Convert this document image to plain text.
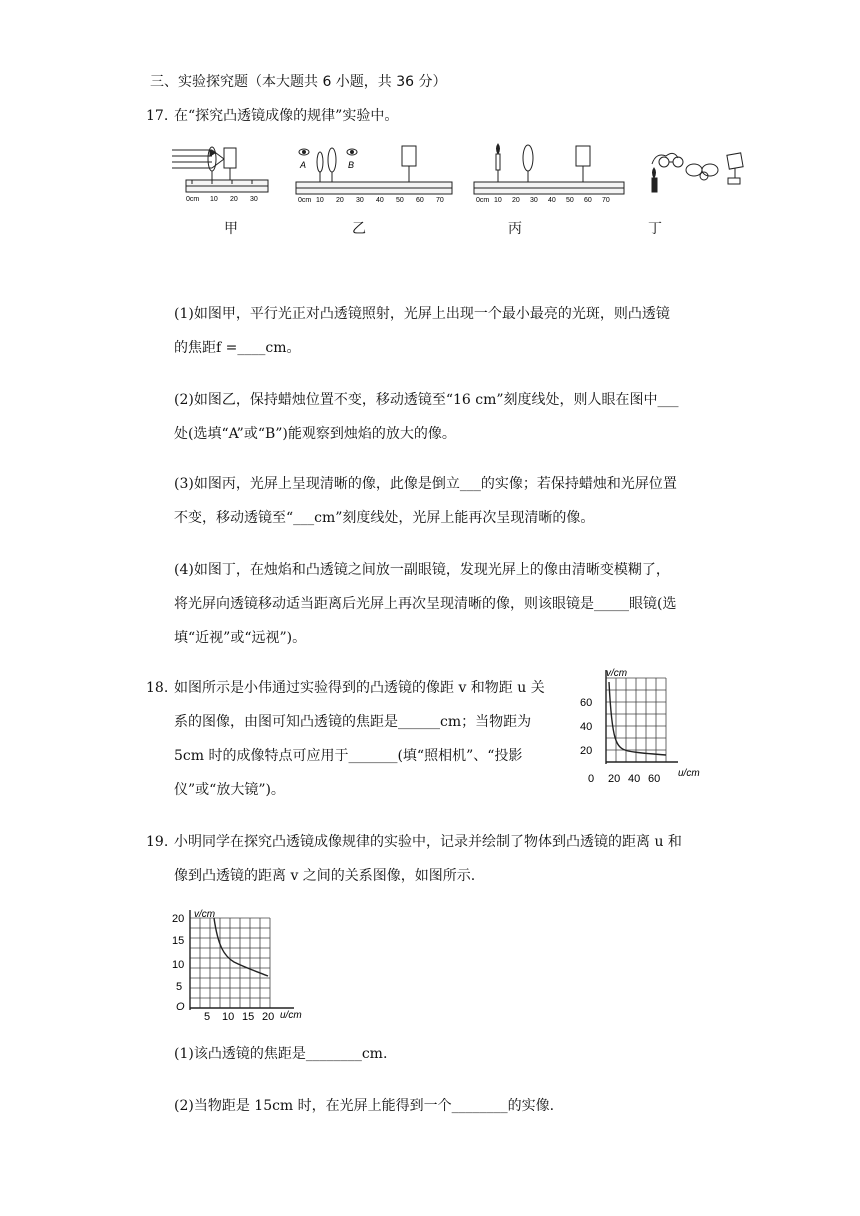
三、实验探究题（本大题共 6 小题，共 36 分）
17. 在“探究凸透镜成像的规律”实验中。
0cm 10 20 30
A	B
0cm 10 20 30 40 50 60 70	0cm 10 20 30 40 50 60 70
甲	乙	丙	丁
(1)如图甲，平行光正对凸透镜照射，光屏上出现一个最小最亮的光斑，则凸透镜
的焦距f =____cm。
(2)如图乙，保持蜡烛位置不变，移动透镜至“16 cm”刻度线处，则人眼在图中___
处(选填“A”或“B”)能观察到烛焰的放大的像。
(3)如图丙，光屏上呈现清晰的像，此像是倒立___的实像；若保持蜡烛和光屏位置
不变，移动透镜至“___cm”刻度线处，光屏上能再次呈现清晰的像。
(4)如图丁，在烛焰和凸透镜之间放一副眼镜，发现光屏上的像由清晰变模糊了，
将光屏向透镜移动适当距离后光屏上再次呈现清晰的像，则该眼镜是_____眼镜(选
填“近视”或“远视”)。
18. 如图所示是小伟通过实验得到的凸透镜的像距 v 和物距 u 关
系的图像，由图可知凸透镜的焦距是______cm；当物距为
5cm 时的成像特点可应用于_______(填“照相机”、“投影
仪”或“放大镜”)。
v/cm
u/cm
60
40
20
0 20 40 60
19. 小明同学在探究凸透镜成像规律的实验中，记录并绘制了物体到凸透镜的距离 u 和
像到凸透镜的距离 v 之间的关系图像，如图所示.
v/cm
u/cm
20
15
10
5
O
5 10 15 20
(1)该凸透镜的焦距是________cm.
(2)当物距是 15cm 时，在光屏上能得到一个________的实像.
